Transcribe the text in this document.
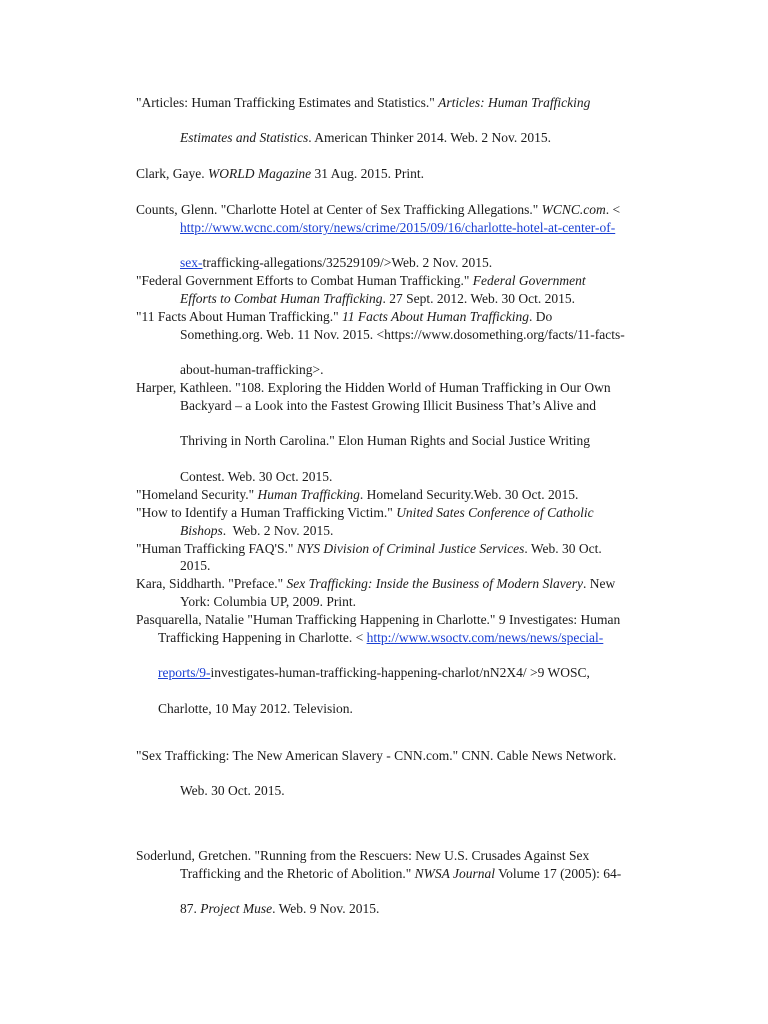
"Articles: Human Trafficking Estimates and Statistics." Articles: Human Trafficking
Estimates and Statistics. American Thinker 2014. Web. 2 Nov. 2015.
Clark, Gaye. WORLD Magazine 31 Aug. 2015. Print.
Counts, Glenn. "Charlotte Hotel at Center of Sex Trafficking Allegations." WCNC.com. <
http://www.wcnc.com/story/news/crime/2015/09/16/charlotte-hotel-at-center-of-
sex-trafficking-allegations/32529109/>Web. 2 Nov. 2015.
"Federal Government Efforts to Combat Human Trafficking." Federal Government
Efforts to Combat Human Trafficking. 27 Sept. 2012. Web. 30 Oct. 2015.
"11 Facts About Human Trafficking." 11 Facts About Human Trafficking. Do
Something.org. Web. 11 Nov. 2015. <https://www.dosomething.org/facts/11-facts-
about-human-trafficking>.
Harper, Kathleen. "108. Exploring the Hidden World of Human Trafficking in Our Own
Backyard – a Look into the Fastest Growing Illicit Business That’s Alive and
Thriving in North Carolina." Elon Human Rights and Social Justice Writing
Contest. Web. 30 Oct. 2015.
"Homeland Security." Human Trafficking. Homeland Security.Web. 30 Oct. 2015.
"How to Identify a Human Trafficking Victim." United Sates Conference of Catholic
Bishops.  Web. 2 Nov. 2015.
"Human Trafficking FAQ'S." NYS Division of Criminal Justice Services. Web. 30 Oct.
2015.
Kara, Siddharth. "Preface." Sex Trafficking: Inside the Business of Modern Slavery. New
York: Columbia UP, 2009. Print.
Pasquarella, Natalie "Human Trafficking Happening in Charlotte." 9 Investigates: Human
Trafficking Happening in Charlotte. < http://www.wsoctv.com/news/news/special-
reports/9-investigates-human-trafficking-happening-charlot/nN2X4/ >9 WOSC,
Charlotte, 10 May 2012. Television.
"Sex Trafficking: The New American Slavery - CNN.com." CNN. Cable News Network.
Web. 30 Oct. 2015.
Soderlund, Gretchen. "Running from the Rescuers: New U.S. Crusades Against Sex
Trafficking and the Rhetoric of Abolition." NWSA Journal Volume 17 (2005): 64-
87. Project Muse. Web. 9 Nov. 2015.
